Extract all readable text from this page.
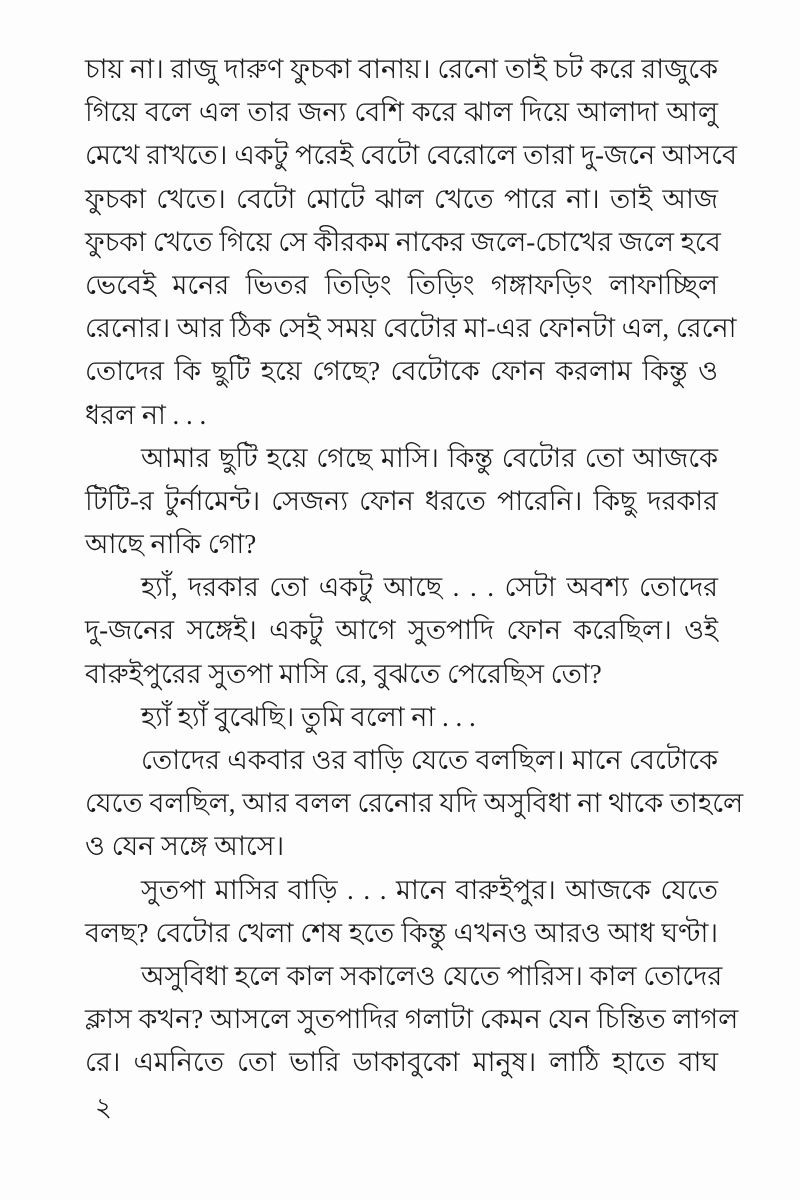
চায় না। রাজু দারুণ ফুচকা বানায়। রেনো তাই চট করে রাজুকে
গিয়ে বলে এল তার জন্য বেশি করে ঝাল দিয়ে আলাদা আলু
মেখে রাখতে। একটু পরেই বেটো বেরোলে তারা দু-জনে আসবে
ফুচকা খেতে। বেটো মোটে ঝাল খেতে পারে না। তাই আজ
ফুচকা খেতে গিয়ে সে কীরকম নাকের জলে-চোখের জলে হবে
ভেবেই মনের ভিতর তিড়িং তিড়িং গঙ্গাফড়িং লাফাচ্ছিল
রেনোর। আর ঠিক সেই সময় বেটোর মা-এর ফোনটা এল, রেনো
তোদের কি ছুটি হয়ে গেছে? বেটোকে ফোন করলাম কিন্তু ও
ধরল না . . .
আমার ছুটি হয়ে গেছে মাসি। কিন্তু বেটোর তো আজকে
টিটি-র টুর্নামেন্ট। সেজন্য ফোন ধরতে পারেনি। কিছু দরকার
আছে নাকি গো?
হ্যাঁ, দরকার তো একটু আছে . . . সেটা অবশ্য তোদের
দু-জনের সঙ্গেই। একটু আগে সুতপাদি ফোন করেছিল। ওই
বারুইপুরের সুতপা মাসি রে, বুঝতে পেরেছিস তো?
হ্যাঁ হ্যাঁ বুঝেছি। তুমি বলো না . . .
তোদের একবার ওর বাড়ি যেতে বলছিল। মানে বেটোকে
যেতে বলছিল, আর বলল রেনোর যদি অসুবিধা না থাকে তাহলে
ও যেন সঙ্গে আসে।
সুতপা মাসির বাড়ি . . . মানে বারুইপুর। আজকে যেতে
বলছ? বেটোর খেলা শেষ হতে কিন্তু এখনও আরও আধ ঘণ্টা।
অসুবিধা হলে কাল সকালেও যেতে পারিস। কাল তোদের
ক্লাস কখন? আসলে সুতপাদির গলাটা কেমন যেন চিন্তিত লাগল
রে। এমনিতে তো ভারি ডাকাবুকো মানুষ। লাঠি হাতে বাঘ
২
